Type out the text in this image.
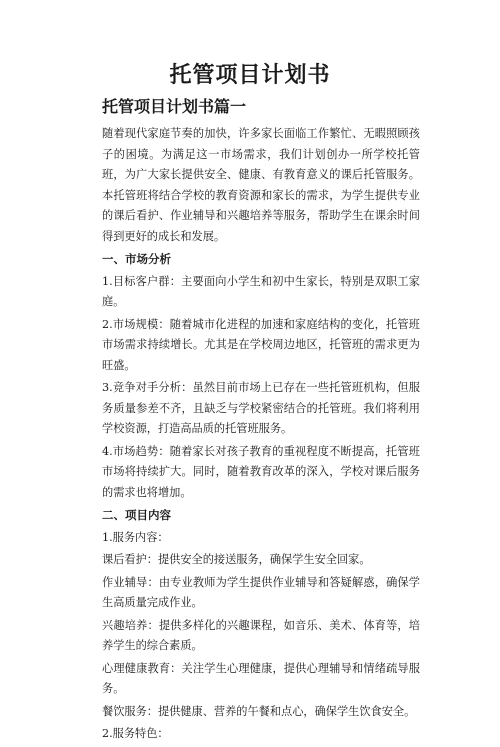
托管项目计划书
托管项目计划书篇一

随着现代家庭节奏的加快，许多家长面临工作繁忙、无暇照顾孩子的困境。为满足这一市场需求，我们计划创办一所学校托管班，为广大家长提供安全、健康、有教育意义的课后托管服务。本托管班将结合学校的教育资源和家长的需求，为学生提供专业的课后看护、作业辅导和兴趣培养等服务，帮助学生在课余时间得到更好的成长和发展。

一、市场分析

1.目标客户群：主要面向小学生和初中生家长，特别是双职工家庭。

2.市场规模：随着城市化进程的加速和家庭结构的变化，托管班市场需求持续增长。尤其是在学校周边地区，托管班的需求更为旺盛。

3.竞争对手分析：虽然目前市场上已存在一些托管班机构，但服务质量参差不齐，且缺乏与学校紧密结合的托管班。我们将利用学校资源，打造高品质的托管班服务。

4.市场趋势：随着家长对孩子教育的重视程度不断提高，托管班市场将持续扩大。同时，随着教育改革的深入，学校对课后服务的需求也将增加。

二、项目内容

1.服务内容：

课后看护：提供安全的接送服务，确保学生安全回家。

作业辅导：由专业教师为学生提供作业辅导和答疑解惑，确保学生高质量完成作业。

兴趣培养：提供多样化的兴趣课程，如音乐、美术、体育等，培养学生的综合素质。

心理健康教育：关注学生心理健康，提供心理辅导和情绪疏导服务。

餐饮服务：提供健康、营养的午餐和点心，确保学生饮食安全。

2.服务特色：
